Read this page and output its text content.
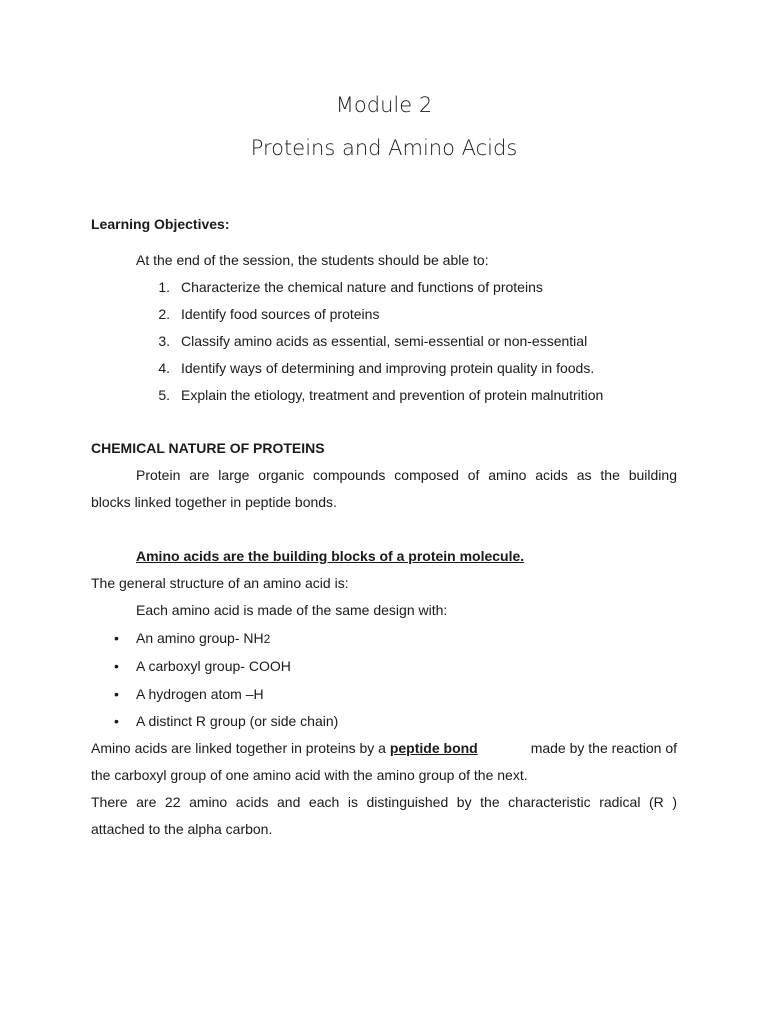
Module 2
Proteins and Amino Acids
Learning Objectives:
At the end of the session, the students should be able to:
1. Characterize the chemical nature and functions of proteins
2. Identify food sources of proteins
3. Classify amino acids as essential, semi-essential or non-essential
4. Identify ways of determining and improving protein quality in foods.
5. Explain the etiology, treatment and prevention of protein malnutrition
CHEMICAL NATURE OF PROTEINS
Protein are large organic compounds composed of amino acids as the building
blocks linked together in peptide bonds.
Amino acids are the building blocks of a protein molecule.
The general structure of an amino acid is:
Each amino acid is made of the same design with:
• An amino group- NH2
• A carboxyl group- COOH
• A hydrogen atom –H
• A distinct R group (or side chain)
Amino acids are linked together in proteins by a peptide bond	made by the reaction of
the carboxyl group of one amino acid with the amino group of the next.
There are 22 amino acids and each is distinguished by the characteristic radical (R )
attached to the alpha carbon.
